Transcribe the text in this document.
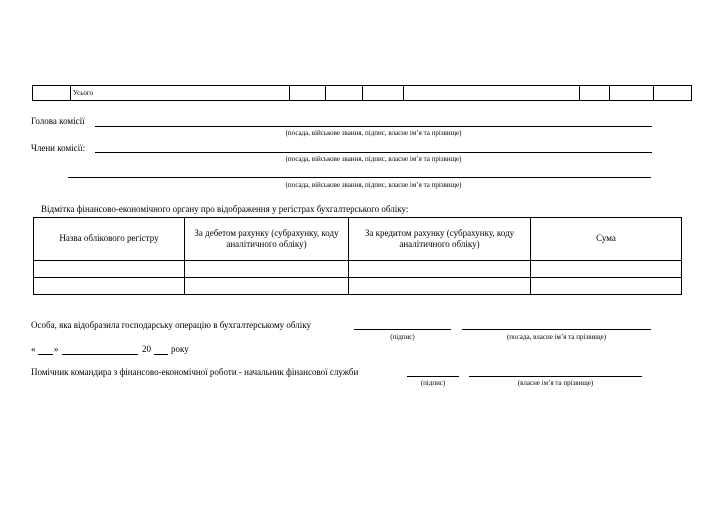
	Усього							
Голова комісії
(посада, військове звання, підпис, власне ім’я та прізвище)
Члени комісії:
(посада, військове звання, підпис, власне ім’я та прізвище)
(посада, військове звання, підпис, власне ім’я та прізвище)
Відмітка фінансово-економічного органу про відображення у регістрах бухгалтерського обліку:
Назва облікового регістру	За дебетом рахунку (субрахунку, коду аналітичного обліку)	За кредитом рахунку (субрахунку, коду аналітичного обліку)	Сума

Особа, яка відобразила господарську операцію в бухгалтерському обліку
(підпис)	(посада, власне ім’я та прізвище)
« »	20 року
Помічник командира з фінансово-економічної роботи - начальник фінансової служби
(підпис)	(власне ім’я та прізвище)
